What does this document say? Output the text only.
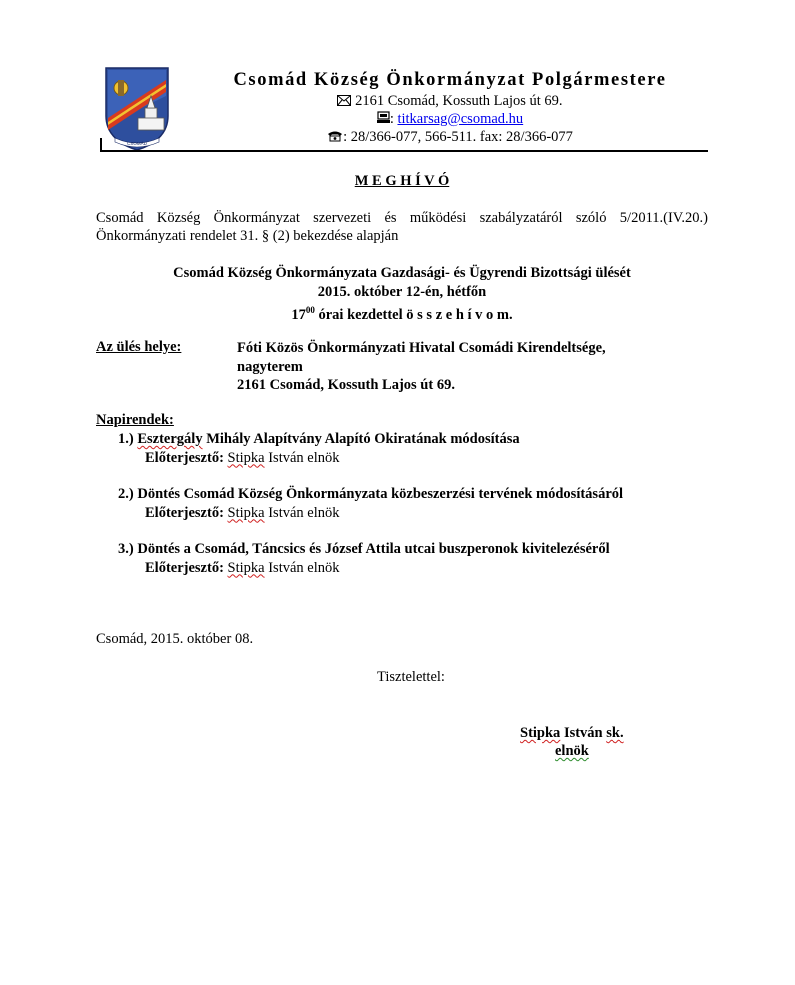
CSOMÁD
Csomád Község Önkormányzat Polgármestere
2161 Csomád, Kossuth Lajos út 69.
: titkarsag@csomad.hu
: 28/366-077, 566-511. fax: 28/366-077
M E G H Í V Ó
Csomád Község Önkormányzat szervezeti és működési szabályzatáról szóló 5/2011.(IV.20.)
Önkormányzati rendelet 31. § (2) bekezdése alapján
Csomád Község Önkormányzata Gazdasági- és Ügyrendi Bizottsági ülését
2015. október 12-én, hétfőn
$17^{00}$ órai kezdettel ö s s z e h í v o m.
Az ülés helye:	Fóti Közös Önkormányzati Hivatal Csomádi Kirendeltsége,
nagyterem
2161 Csomád, Kossuth Lajos út 69.
Napirendek:
1.) Esztergály Mihály Alapítvány Alapító Okiratának módosítása
Előterjesztő: Stipka István elnök
2.) Döntés Csomád Község Önkormányzata közbeszerzési tervének módosításáról
Előterjesztő: Stipka István elnök
3.) Döntés a Csomád, Táncsics és József Attila utcai buszperonok kivitelezéséről
Előterjesztő: Stipka István elnök
Csomád, 2015. október 08.
Tisztelettel:
Stipka István sk.
elnök
